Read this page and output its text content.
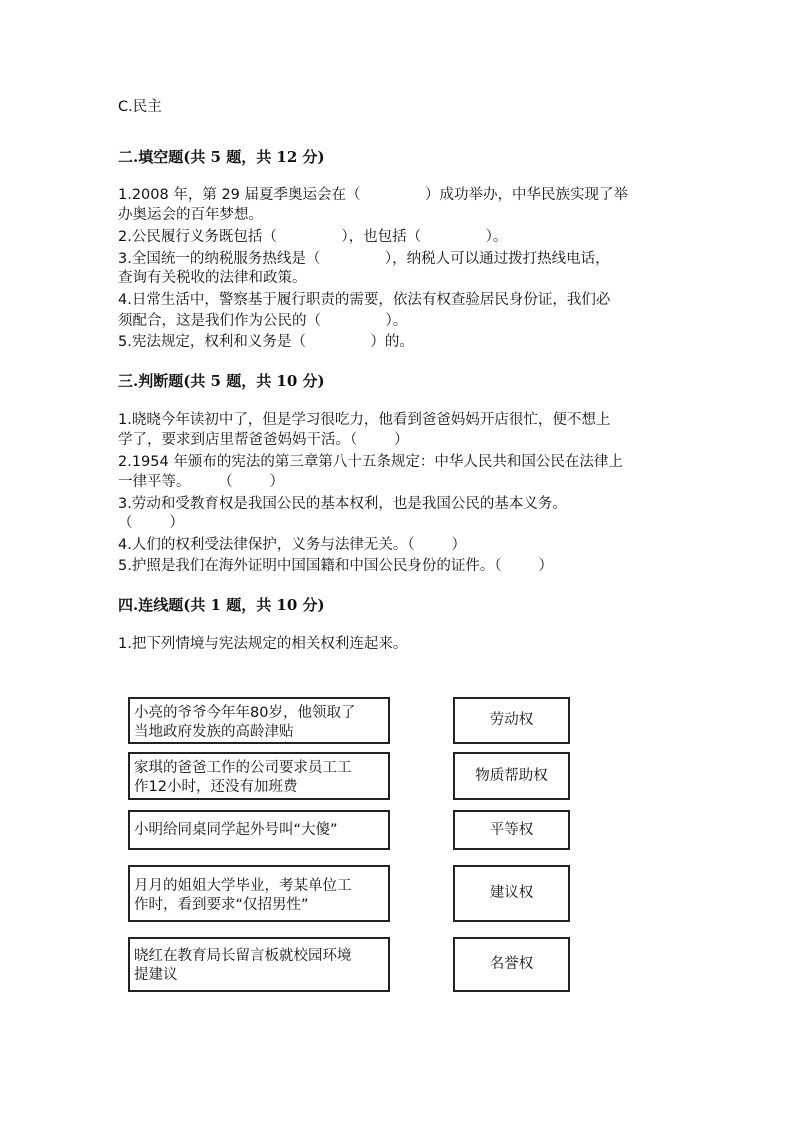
C.民主
二.填空题(共 5 题，共 12 分)
1.2008 年，第 29 届夏季奥运会在（              ）成功举办，中华民族实现了举
办奥运会的百年梦想。
2.公民履行义务既包括（              ），也包括（              ）。
3.全国统一的纳税服务热线是（              ），纳税人可以通过拨打热线电话，
查询有关税收的法律和政策。
4.日常生活中，警察基于履行职责的需要，依法有权查验居民身份证，我们必
须配合，这是我们作为公民的（              ）。
5.宪法规定，权利和义务是（              ）的。
三.判断题(共 5 题，共 10 分)
1.晓晓今年读初中了，但是学习很吃力，他看到爸爸妈妈开店很忙，便不想上
学了，要求到店里帮爸爸妈妈干活。（        ）
2.1954 年颁布的宪法的第三章第八十五条规定：中华人民共和国公民在法律上
一律平等。      （        ）
3.劳动和受教育权是我国公民的基本权利，也是我国公民的基本义务。
（        ）
4.人们的权利受法律保护，义务与法律无关。（        ）
5.护照是我们在海外证明中国国籍和中国公民身份的证件。（        ）
四.连线题(共 1 题，共 10 分)
1.把下列情境与宪法规定的相关权利连起来。
小亮的爷爷今年年80岁，他领取了
当地政府发族的高龄津贴
家琪的爸爸工作的公司要求员工工
作12小时，还没有加班费
小明给同桌同学起外号叫“大傻”
月月的姐姐大学毕业，考某单位工
作时，看到要求“仅招男性”
晓红在教育局长留言板就校园环境
提建议
劳动权
物质帮助权
平等权
建议权
名誉权
